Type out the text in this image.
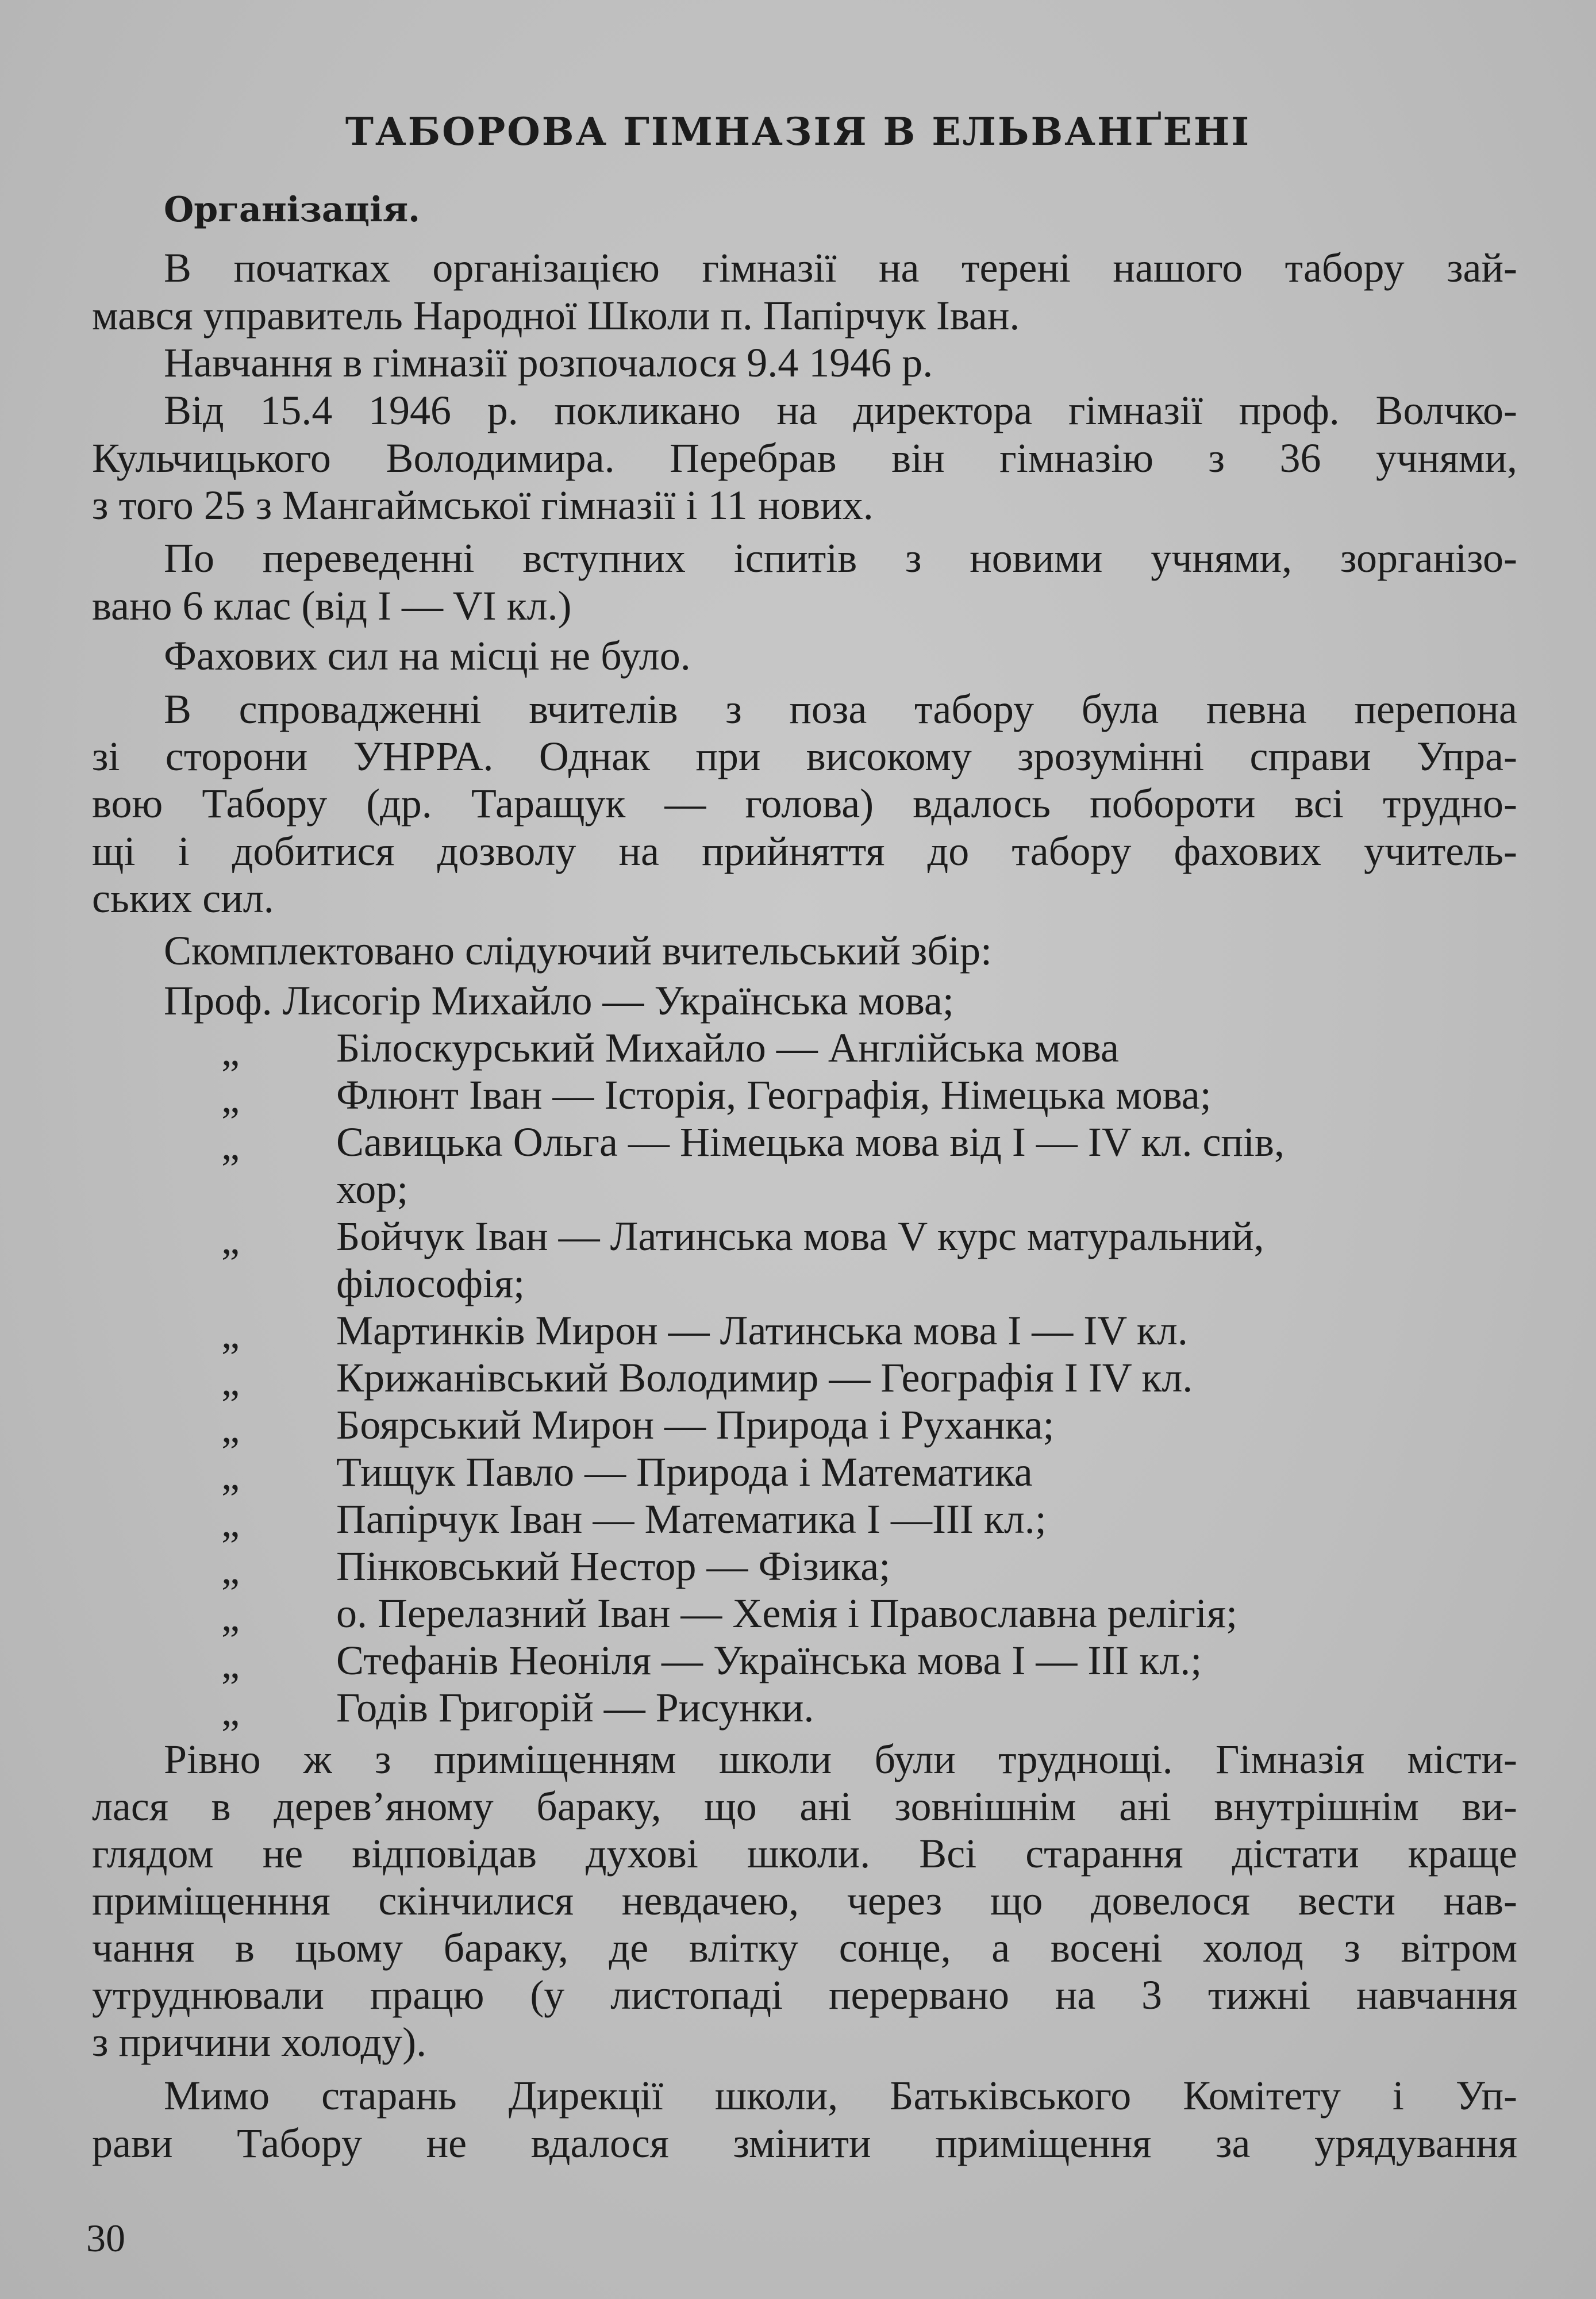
ТАБОРОВА ГІМНАЗІЯ В ЕЛЬВАНҐЕНІ
Організація.
В початках організацією гімназії на терені нашого табору зай-
мався управитель Народної Школи п. Папірчук Іван.
Навчання в гімназії розпочалося 9.4 1946 р.
Від 15.4 1946 р. покликано на директора гімназії проф. Волчко-
Кульчицького Володимира. Перебрав він гімназію з 36 учнями,
з того 25 з Мангаймської гімназії і 11 нових.
По переведенні вступних іспитів з новими учнями, зорганізо-
вано 6 клас (від I — VI кл.)
Фахових сил на місці не було.
В спровадженні вчителів з поза табору була певна перепона
зі сторони УНРРА. Однак при високому зрозумінні справи Упра-
вою Табору (др. Таращук — голова) вдалось побороти всі трудно-
щі і добитися дозволу на прийняття до табору фахових учитель-
ських сил.
Скомплектовано слідуючий вчительський збір:
Проф. Лисогір Михайло — Українська мова;
„ Білоскурський Михайло — Англійська мова
„ Флюнт Іван — Історія, Географія, Німецька мова;
„ Савицька Ольга — Німецька мова від I — IV кл. спів,
хор;
„ Бойчук Іван — Латинська мова V курс матуральний,
філософія;
„ Мартинків Мирон — Латинська мова I — IV кл.
„ Крижанівський Володимир — Географія I IV кл.
„ Боярський Мирон — Природа і Руханка;
„ Тищук Павло — Природа і Математика
„ Папірчук Іван — Математика I —III кл.;
„ Пінковський Нестор — Фізика;
„ о. Перелазний Іван — Хемія і Православна релігія;
„ Стефанів Неоніля — Українська мова I — III кл.;
„ Годів Григорій — Рисунки.
Рівно ж з приміщенням школи були труднощі. Гімназія місти-
лася в дерев’яному бараку, що ані зовнішнім ані внутрішнім ви-
глядом не відповідав духові школи. Всі старання дістати краще
приміщенння скінчилися невдачею, через що довелося вести нав-
чання в цьому бараку, де влітку сонце, а восені холод з вітром
утруднювали працю (у листопаді перервано на 3 тижні навчання
з причини холоду).
Мимо старань Дирекції школи, Батьківського Комітету і Уп-
рави Табору не вдалося змінити приміщення за урядування
30
